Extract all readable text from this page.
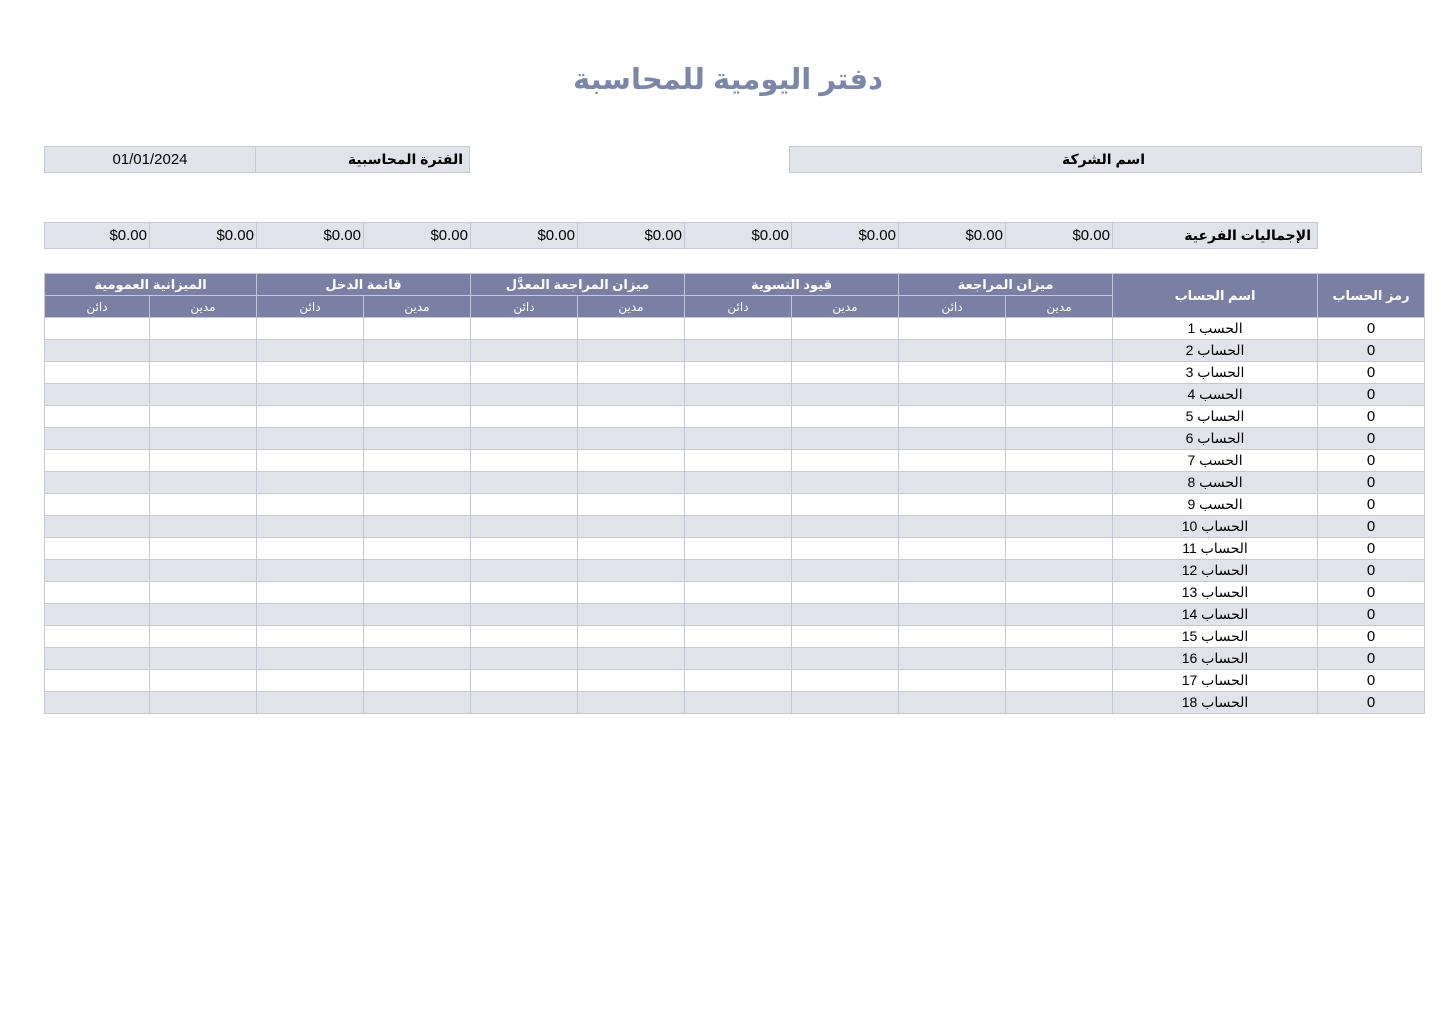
دفتر اليومية للمحاسبة
01/01/2024	الفترة المحاسبية	اسم الشركة
$0.00	$0.00	$0.00	$0.00	$0.00	$0.00	$0.00	$0.00	$0.00	$0.00	الإجماليات الفرعية
الميزانية العمومية		قائمة الدخل		ميزان المراجعة المعدَّل		قيود التسوية		ميزان المراجعة		اسم الحساب	رمز الحساب
دائن	مدين	دائن	مدين	دائن	مدين	دائن	مدين	دائن	مدين		
										الحسب 1	0
										الحساب 2	0
										الحساب 3	0
										الحسب 4	0
										الحساب 5	0
										الحساب 6	0
										الحسب 7	0
										الحسب 8	0
										الحسب 9	0
										الحساب 10	0
										الحساب 11	0
										الحساب 12	0
										الحساب 13	0
										الحساب 14	0
										الحساب 15	0
										الحساب 16	0
										الحساب 17	0
										الحساب 18	0
